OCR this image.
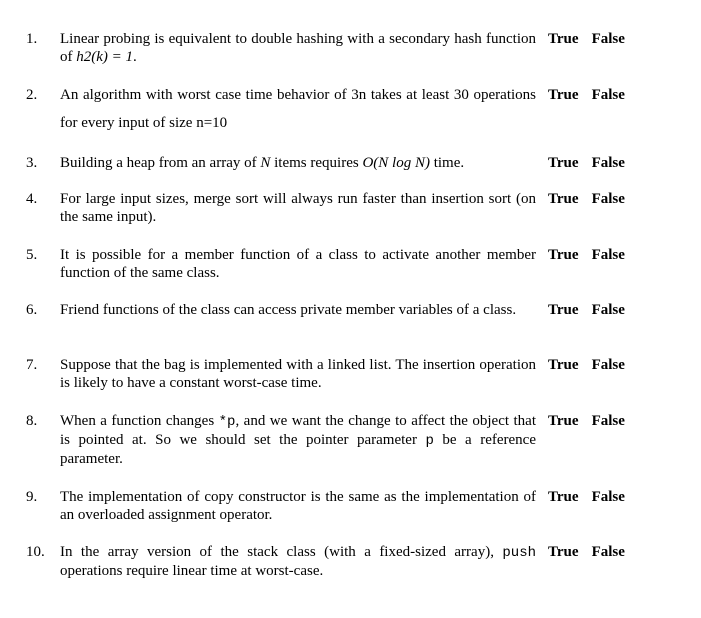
1. Linear probing is equivalent to double hashing with a secondary hash function of h2(k) = 1.
True False
2. An algorithm with worst case time behavior of 3n takes at least 30 operations for every input of size n=10
True False
3. Building a heap from an array of N items requires O(N log N) time.	True False
4. For large input sizes, merge sort will always run faster than insertion sort (on the same input).
True False
5. It is possible for a member function of a class to activate another member function of the same class.
True False
6. Friend functions of the class can access private member variables of a class.	True False
7. Suppose that the bag is implemented with a linked list. The insertion operation is likely to have a constant worst-case time.
True False
8. When a function changes *p, and we want the change to affect the object that is pointed at. So we should set the pointer parameter p be a reference parameter.
True False
9. The implementation of copy constructor is the same as the implementation of an overloaded assignment operator.
True False
10. In the array version of the stack class (with a fixed-sized array), push operations require linear time at worst-case.
True False
